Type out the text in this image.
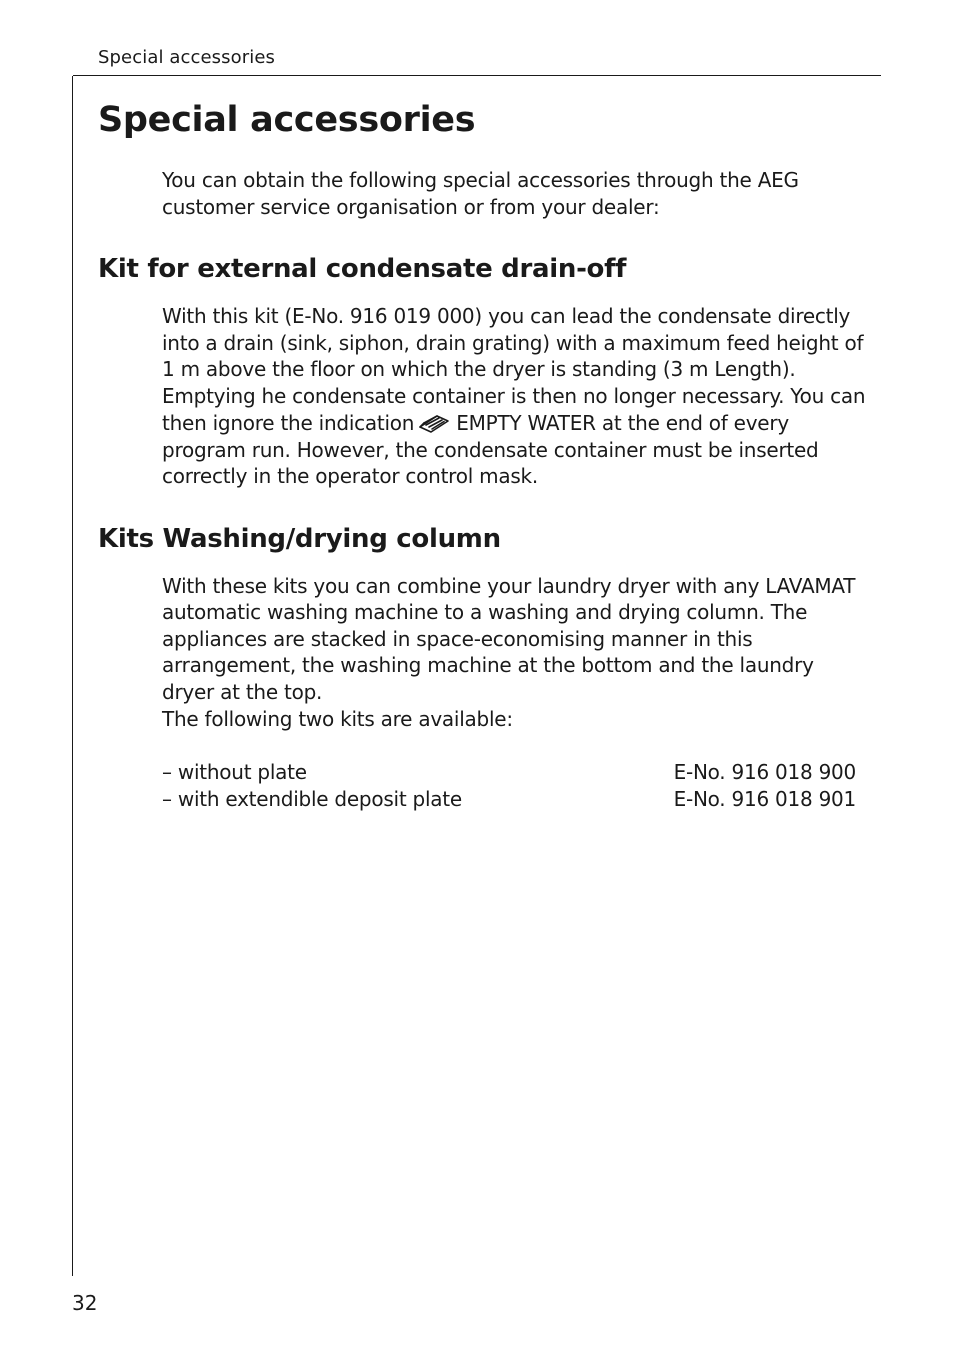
Special accessories
Special accessories
You can obtain the following special accessories through the AEG
customer service organisation or from your dealer:
Kit for external condensate drain-off
With this kit (E-No. 916 019 000) you can lead the condensate directly
into a drain (sink, siphon, drain grating) with a maximum feed height of
1 m above the floor on which the dryer is standing (3 m Length).
Emptying he condensate container is then no longer necessary. You can
then ignore the indication EMPTY WATER at the end of every
program run. However, the condensate container must be inserted
correctly in the operator control mask.
Kits Washing/drying column
With these kits you can combine your laundry dryer with any LAVAMAT
automatic washing machine to a washing and drying column. The
appliances are stacked in space-economising manner in this
arrangement, the washing machine at the bottom and the laundry
dryer at the top.
The following two kits are available:
– without plate	E-No. 916 018 900
– with extendible deposit plate	E-No. 916 018 901
32
